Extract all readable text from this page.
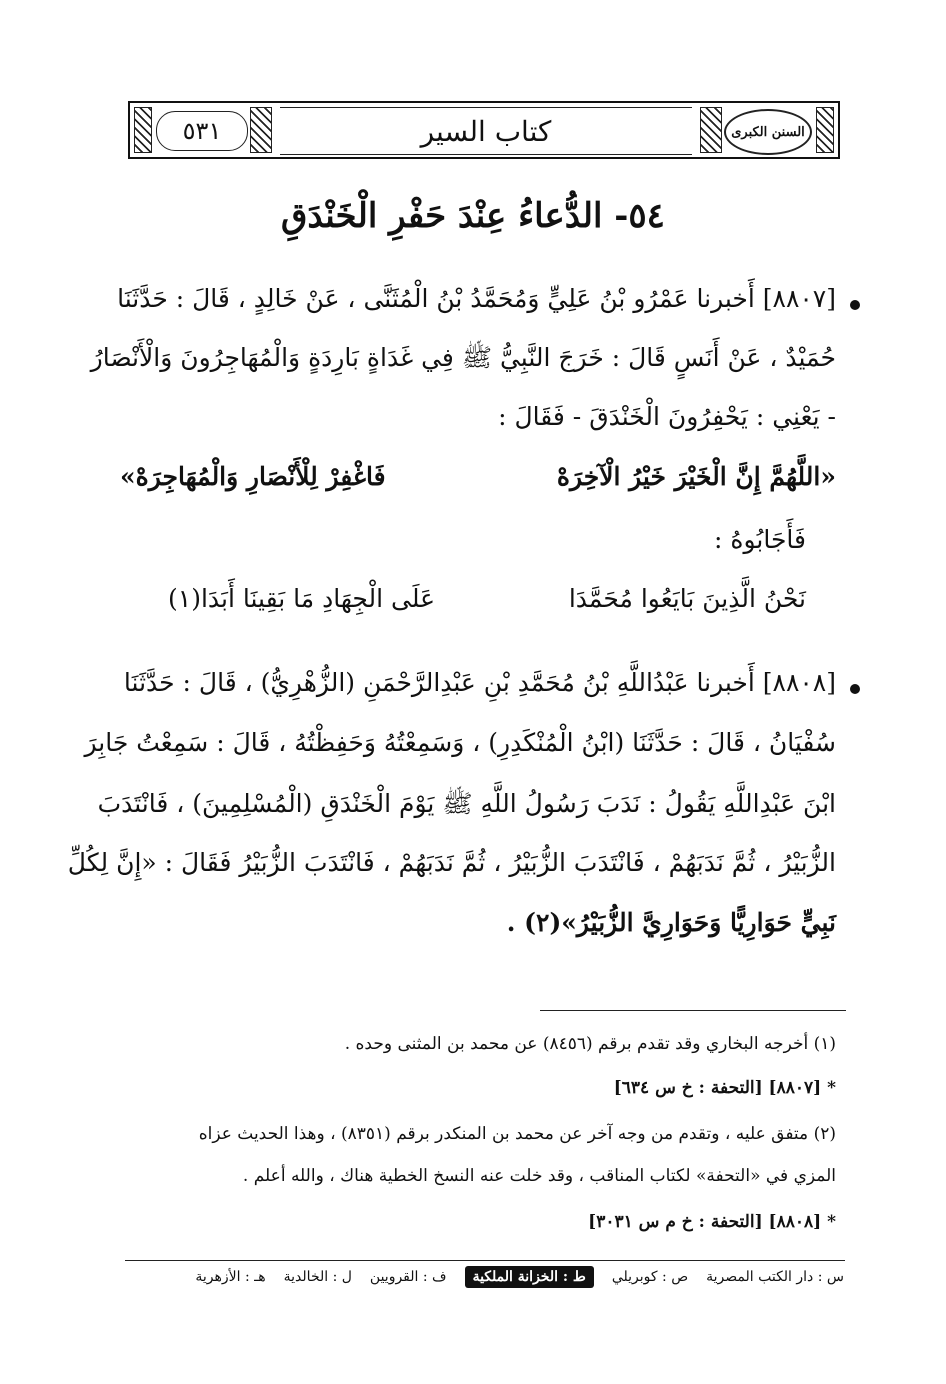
السنن الكبرى
كتاب السير
٥٣١
٥٤- الدُّعاءُ عِنْدَ حَفْرِ الْخَنْدَقِ
[٨٨٠٧] أَخبرنا عَمْرُو بْنُ عَلِيٍّ وَمُحَمَّدُ بْنُ الْمُثَنَّى ، عَنْ خَالِدٍ ، قَالَ : حَدَّثَنَا
حُمَيْدٌ ، عَنْ أَنَسٍ قَالَ : خَرَجَ النَّبِيُّ ﷺ فِي غَدَاةٍ بَارِدَةٍ وَالْمُهَاجِرُونَ وَالْأَنْصَارُ
- يَعْنِي : يَحْفِرُونَ الْخَنْدَقَ - فَقَالَ :
«اللَّهُمَّ إِنَّ الْخَيْرَ خَيْرُ الْآخِرَهْ
فَاغْفِرْ لِلْأَنْصَارِ وَالْمُهَاجِرَهْ»
فَأَجَابُوهُ :
نَحْنُ الَّذِينَ بَايَعُوا مُحَمَّدَا
عَلَى الْجِهَادِ مَا بَقِينَا أَبَدَا(١)
[٨٨٠٨] أَخبرنا عَبْدُاللَّهِ بْنُ مُحَمَّدِ بْنِ عَبْدِالرَّحْمَنِ (الزُّهْرِيُّ) ، قَالَ : حَدَّثَنَا
سُفْيَانُ ، قَالَ : حَدَّثَنَا (ابْنُ الْمُنْكَدِرِ) ، وَسَمِعْتُهُ وَحَفِظْتُهُ ، قَالَ : سَمِعْتُ جَابِرَ
ابْنَ عَبْدِاللَّهِ يَقُولُ : نَدَبَ رَسُولُ اللَّهِ ﷺ يَوْمَ الْخَنْدَقِ (الْمُسْلِمِينَ) ، فَانْتَدَبَ
الزُّبَيْرُ ، ثُمَّ نَدَبَهُمْ ، فَانْتَدَبَ الزُّبَيْرُ ، ثُمَّ نَدَبَهُمْ ، فَانْتَدَبَ الزُّبَيْرُ فَقَالَ : «إِنَّ لِكُلِّ
نَبِيٍّ حَوَارِيًّا وَحَوَارِيَّ الزُّبَيْرُ»(٢) .
(١) أخرجه البخاري وقد تقدم برقم (٨٤٥٦) عن محمد بن المثنى وحده .
* [٨٨٠٧] [التحفة : خ س ٦٣٤]
(٢) متفق عليه ، وتقدم من وجه آخر عن محمد بن المنكدر برقم (٨٣٥١) ، وهذا الحديث عزاه
المزي في «التحفة» لكتاب المناقب ، وقد خلت عنه النسخ الخطية هناك ، والله أعلم .
* [٨٨٠٨] [التحفة : خ م س ٣٠٣١]
س : دار الكتب المصرية
ص : كوبريلي
ط : الخزانة الملكية
ف : القرويين
ل : الخالدية
هـ : الأزهرية
